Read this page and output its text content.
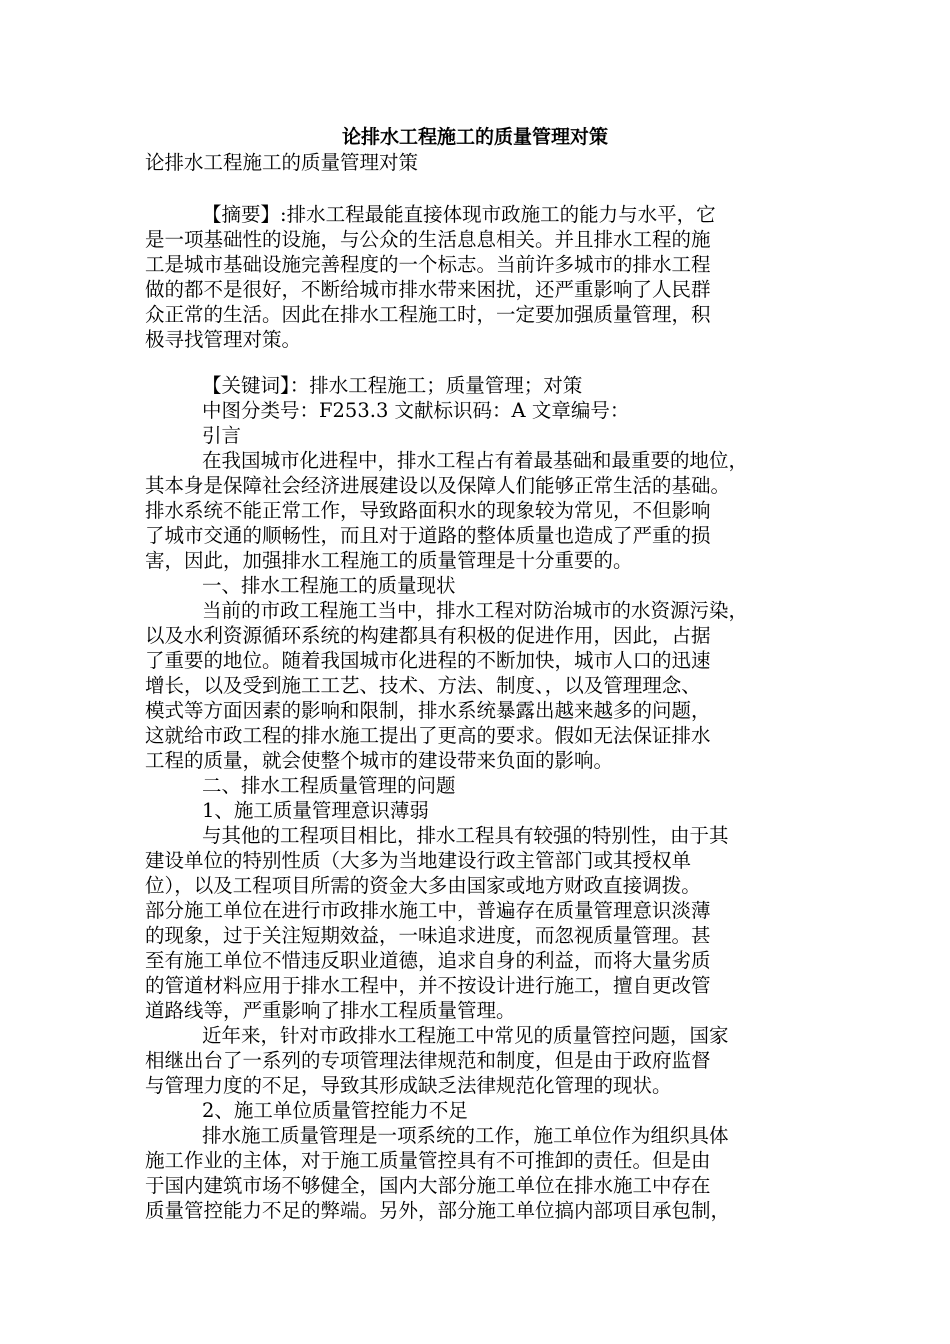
论排水工程施工的质量管理对策
论排水工程施工的质量管理对策
【摘要】:排水工程最能直接体现市政施工的能力与水平，它
是一项基础性的设施，与公众的生活息息相关。并且排水工程的施
工是城市基础设施完善程度的一个标志。当前许多城市的排水工程
做的都不是很好，不断给城市排水带来困扰，还严重影响了人民群
众正常的生活。因此在排水工程施工时，一定要加强质量管理，积
极寻找管理对策。
【关键词】：排水工程施工；质量管理；对策
中图分类号：F253.3 文献标识码：A 文章编号：
引言
在我国城市化进程中，排水工程占有着最基础和最重要的地位，
其本身是保障社会经济进展建设以及保障人们能够正常生活的基础。
排水系统不能正常工作，导致路面积水的现象较为常见，不但影响
了城市交通的顺畅性，而且对于道路的整体质量也造成了严重的损
害，因此，加强排水工程施工的质量管理是十分重要的。
一、排水工程施工的质量现状
当前的市政工程施工当中，排水工程对防治城市的水资源污染，
以及水利资源循环系统的构建都具有积极的促进作用，因此，占据
了重要的地位。随着我国城市化进程的不断加快，城市人口的迅速
增长，以及受到施工工艺、技术、方法、制度、，以及管理理念、
模式等方面因素的影响和限制，排水系统暴露出越来越多的问题，
这就给市政工程的排水施工提出了更高的要求。假如无法保证排水
工程的质量，就会使整个城市的建设带来负面的影响。
二、排水工程质量管理的问题
1、施工质量管理意识薄弱
与其他的工程项目相比，排水工程具有较强的特别性，由于其
建设单位的特别性质（大多为当地建设行政主管部门或其授权单
位），以及工程项目所需的资金大多由国家或地方财政直接调拨。
部分施工单位在进行市政排水施工中，普遍存在质量管理意识淡薄
的现象，过于关注短期效益，一味追求进度，而忽视质量管理。甚
至有施工单位不惜违反职业道德，追求自身的利益，而将大量劣质
的管道材料应用于排水工程中，并不按设计进行施工，擅自更改管
道路线等，严重影响了排水工程质量管理。
近年来，针对市政排水工程施工中常见的质量管控问题，国家
相继出台了一系列的专项管理法律规范和制度，但是由于政府监督
与管理力度的不足，导致其形成缺乏法律规范化管理的现状。
2、施工单位质量管控能力不足
排水施工质量管理是一项系统的工作，施工单位作为组织具体
施工作业的主体，对于施工质量管控具有不可推卸的责任。但是由
于国内建筑市场不够健全，国内大部分施工单位在排水施工中存在
质量管控能力不足的弊端。另外，部分施工单位搞内部项目承包制，
